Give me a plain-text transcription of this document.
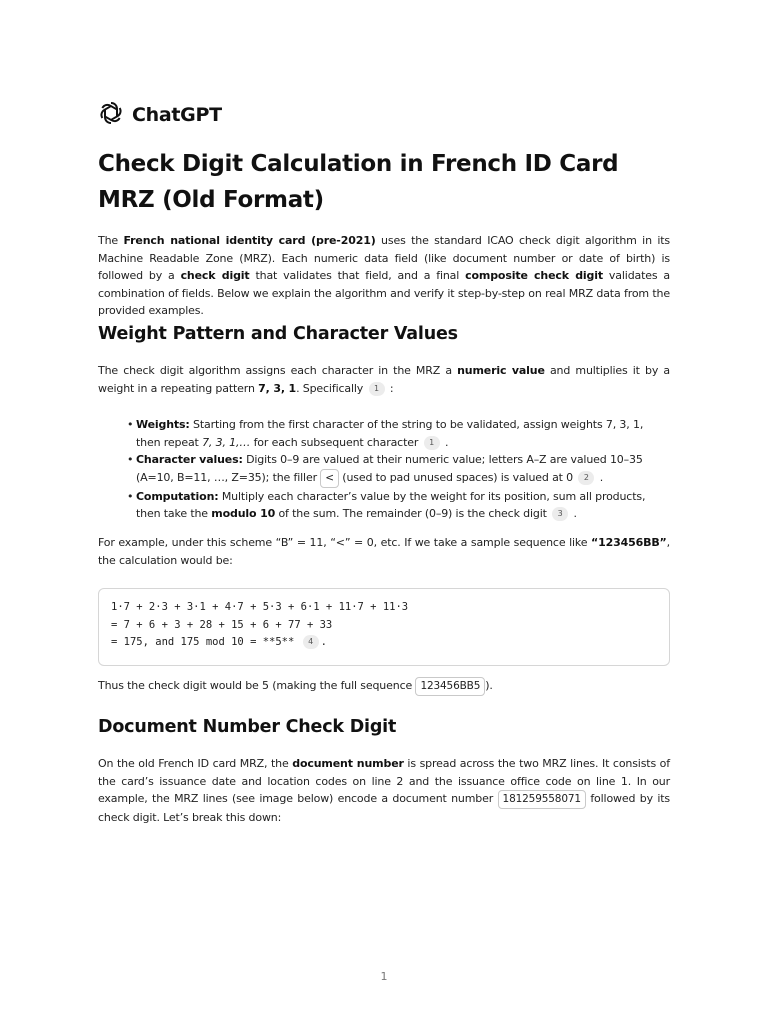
ChatGPT
Check Digit Calculation in French ID Card MRZ (Old Format)

The French national identity card (pre-2021) uses the standard ICAO check digit algorithm in its Machine Readable Zone (MRZ). Each numeric data field (like document number or date of birth) is followed by a check digit that validates that field, and a final composite check digit validates a combination of fields. Below we explain the algorithm and verify it step-by-step on real MRZ data from the provided examples.

Weight Pattern and Character Values

The check digit algorithm assigns each character in the MRZ a numeric value and multiplies it by a weight in a repeating pattern 7, 3, 1. Specifically 1 :

• Weights: Starting from the first character of the string to be validated, assign weights 7, 3, 1, then repeat 7, 3, 1,… for each subsequent character 1 .
• Character values: Digits 0–9 are valued at their numeric value; letters A–Z are valued 10–35 (A=10, B=11, …, Z=35); the filler < (used to pad unused spaces) is valued at 0 2 .
• Computation: Multiply each character’s value by the weight for its position, sum all products, then take the modulo 10 of the sum. The remainder (0–9) is the check digit 3 .

For example, under this scheme “B” = 11, “<” = 0, etc. If we take a sample sequence like “123456BB”, the calculation would be:

1·7 + 2·3 + 3·1 + 4·7 + 5·3 + 6·1 + 11·7 + 11·3
= 7 + 6 + 3 + 28 + 15 + 6 + 77 + 33
= 175, and 175 mod 10 = **5** 4 .

Thus the check digit would be 5 (making the full sequence 123456BB5 ).

Document Number Check Digit

On the old French ID card MRZ, the document number is spread across the two MRZ lines. It consists of the card’s issuance date and location codes on line 2 and the issuance office code on line 1. In our example, the MRZ lines (see image below) encode a document number 181259558071 followed by its check digit. Let’s break this down:

1
